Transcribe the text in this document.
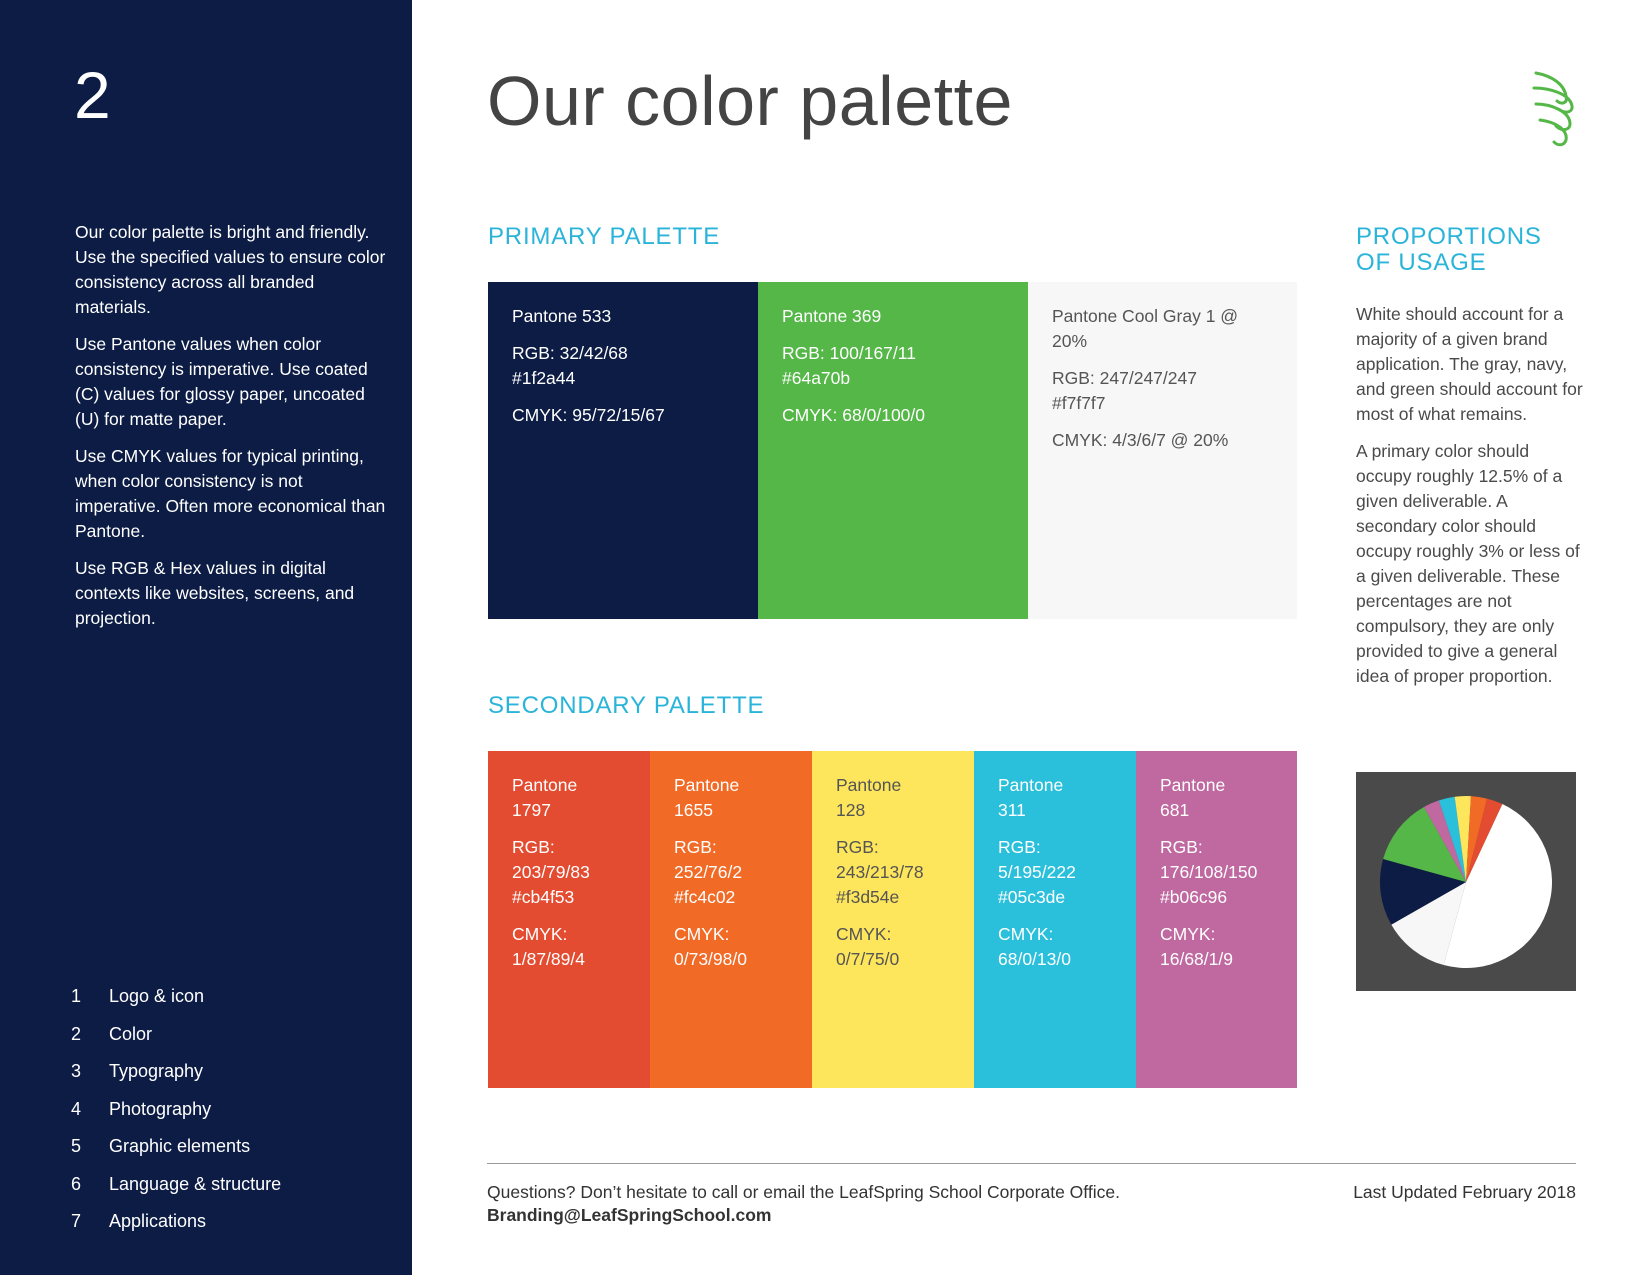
2

Our color palette is bright and friendly. Use the specified values to ensure color consistency across all branded materials.

Use Pantone values when color consistency is imperative. Use coated (C) values for glossy paper, uncoated (U) for matte paper.

Use CMYK values for typical printing, when color consistency is not imperative. Often more economical than Pantone.

Use RGB & Hex values in digital contexts like websites, screens, and projection.

1	Logo & icon
2	Color
3	Typography
4	Photography
5	Graphic elements
6	Language & structure
7	Applications
Our color palette
PRIMARY PALETTE

Pantone 533

RGB: 32/42/68
#1f2a44

CMYK: 95/72/15/67

Pantone 369

RGB: 100/167/11
#64a70b

CMYK: 68/0/100/0

Pantone Cool Gray 1 @ 20%

RGB: 247/247/247
#f7f7f7

CMYK: 4/3/6/7 @ 20%

SECONDARY PALETTE

Pantone 1797

RGB:
203/79/83
#cb4f53

CMYK:
1/87/89/4

Pantone 1655

RGB:
252/76/2
#fc4c02

CMYK:
0/73/98/0

Pantone 128

RGB:
243/213/78
#f3d54e

CMYK:
0/7/75/0

Pantone 311

RGB:
5/195/222
#05c3de

CMYK:
68/0/13/0

Pantone 681

RGB:
176/108/150
#b06c96

CMYK:
16/68/1/9

PROPORTIONS
OF USAGE

White should account for a majority of a given brand application. The gray, navy, and green should account for most of what remains.

A primary color should occupy roughly 12.5% of a given deliverable. A secondary color should occupy roughly 3% or less of a given deliverable. These percentages are not compulsory, they are only provided to give a general idea of proper proportion.

Questions? Don’t hesitate to call or email the LeafSpring School Corporate Office.
Branding@LeafSpringSchool.com
Last Updated February 2018
